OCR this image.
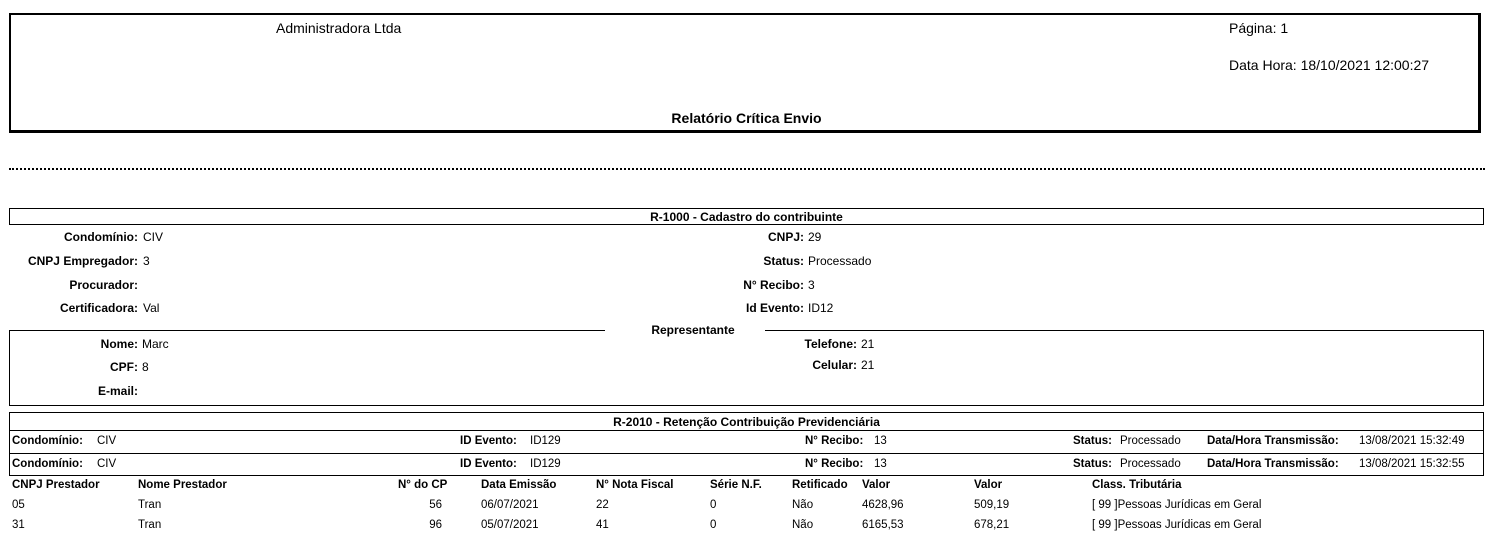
Administradora Ltda	Página: 1
Data Hora: 18/10/2021 12:00:27
Relatório Crítica Envio
R-1000 - Cadastro do contribuinte
Condomínio: CIV
CNPJ Empregador: 3
Procurador:
Certificadora: Val
CNPJ: 29
Status: Processado
N° Recibo: 3
Id Evento: ID12
Representante
Nome: Marc
CPF: 8
E-mail:
Telefone: 21
Celular: 21
R-2010 - Retenção Contribuição Previdenciária
Condomínio: CIV	ID Evento: ID129	N° Recibo: 13	Status: Processado Data/Hora Transmissão: 13/08/2021 15:32:49
Condomínio: CIV	ID Evento: ID129	N° Recibo: 13	Status: Processado Data/Hora Transmissão: 13/08/2021 15:32:55
CNPJ Prestador	Nome Prestador	N° do CP	Data Emissão	N° Nota Fiscal	Série N.F.	Retificado Valor	Valor	Class. Tributária
05	Tran	56	06/07/2021	22	0	Não	4628,96	509,19	[ 99 ]Pessoas Jurídicas em Geral
31	Tran	96	05/07/2021	41	0	Não	6165,53	678,21	[ 99 ]Pessoas Jurídicas em Geral
